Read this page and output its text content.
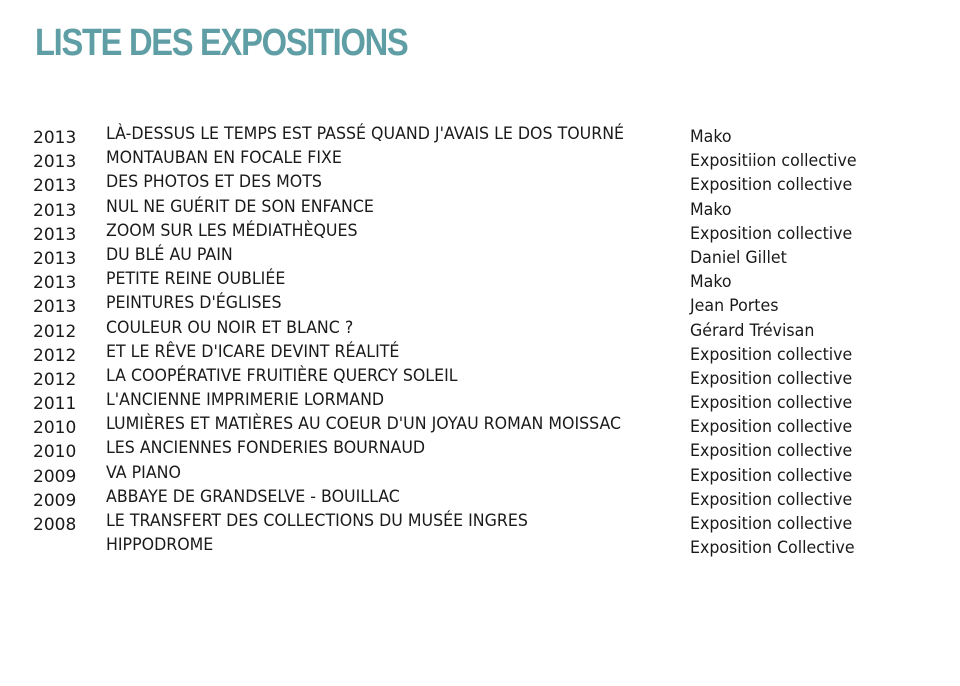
LISTE DES EXPOSITIONS
2013 LÀ-DESSUS LE TEMPS EST PASSÉ QUAND J'AVAIS LE DOS TOURNÉ	Mako
2013 MONTAUBAN EN FOCALE FIXE	Expositiion collective
2013 DES PHOTOS ET DES MOTS	Exposition collective
2013 NUL NE GUÉRIT DE SON ENFANCE	Mako
2013 ZOOM SUR LES MÉDIATHÈQUES	Exposition collective
2013 DU BLÉ AU PAIN	Daniel Gillet
2013 PETITE REINE OUBLIÉE	Mako
2013 PEINTURES D'ÉGLISES	Jean Portes
2012 COULEUR OU NOIR ET BLANC ?	Gérard Trévisan
2012 ET LE RÊVE D'ICARE DEVINT RÉALITÉ	Exposition collective
2012 LA COOPÉRATIVE FRUITIÈRE QUERCY SOLEIL	Exposition collective
2011 L'ANCIENNE IMPRIMERIE LORMAND	Exposition collective
2010 LUMIÈRES ET MATIÈRES AU COEUR D'UN JOYAU ROMAN MOISSAC	Exposition collective
2010 LES ANCIENNES FONDERIES BOURNAUD	Exposition collective
2009 VA PIANO	Exposition collective
2009 ABBAYE DE GRANDSELVE - BOUILLAC	Exposition collective
2008 LE TRANSFERT DES COLLECTIONS DU MUSÉE INGRES	Exposition collective
HIPPODROME	Exposition Collective
